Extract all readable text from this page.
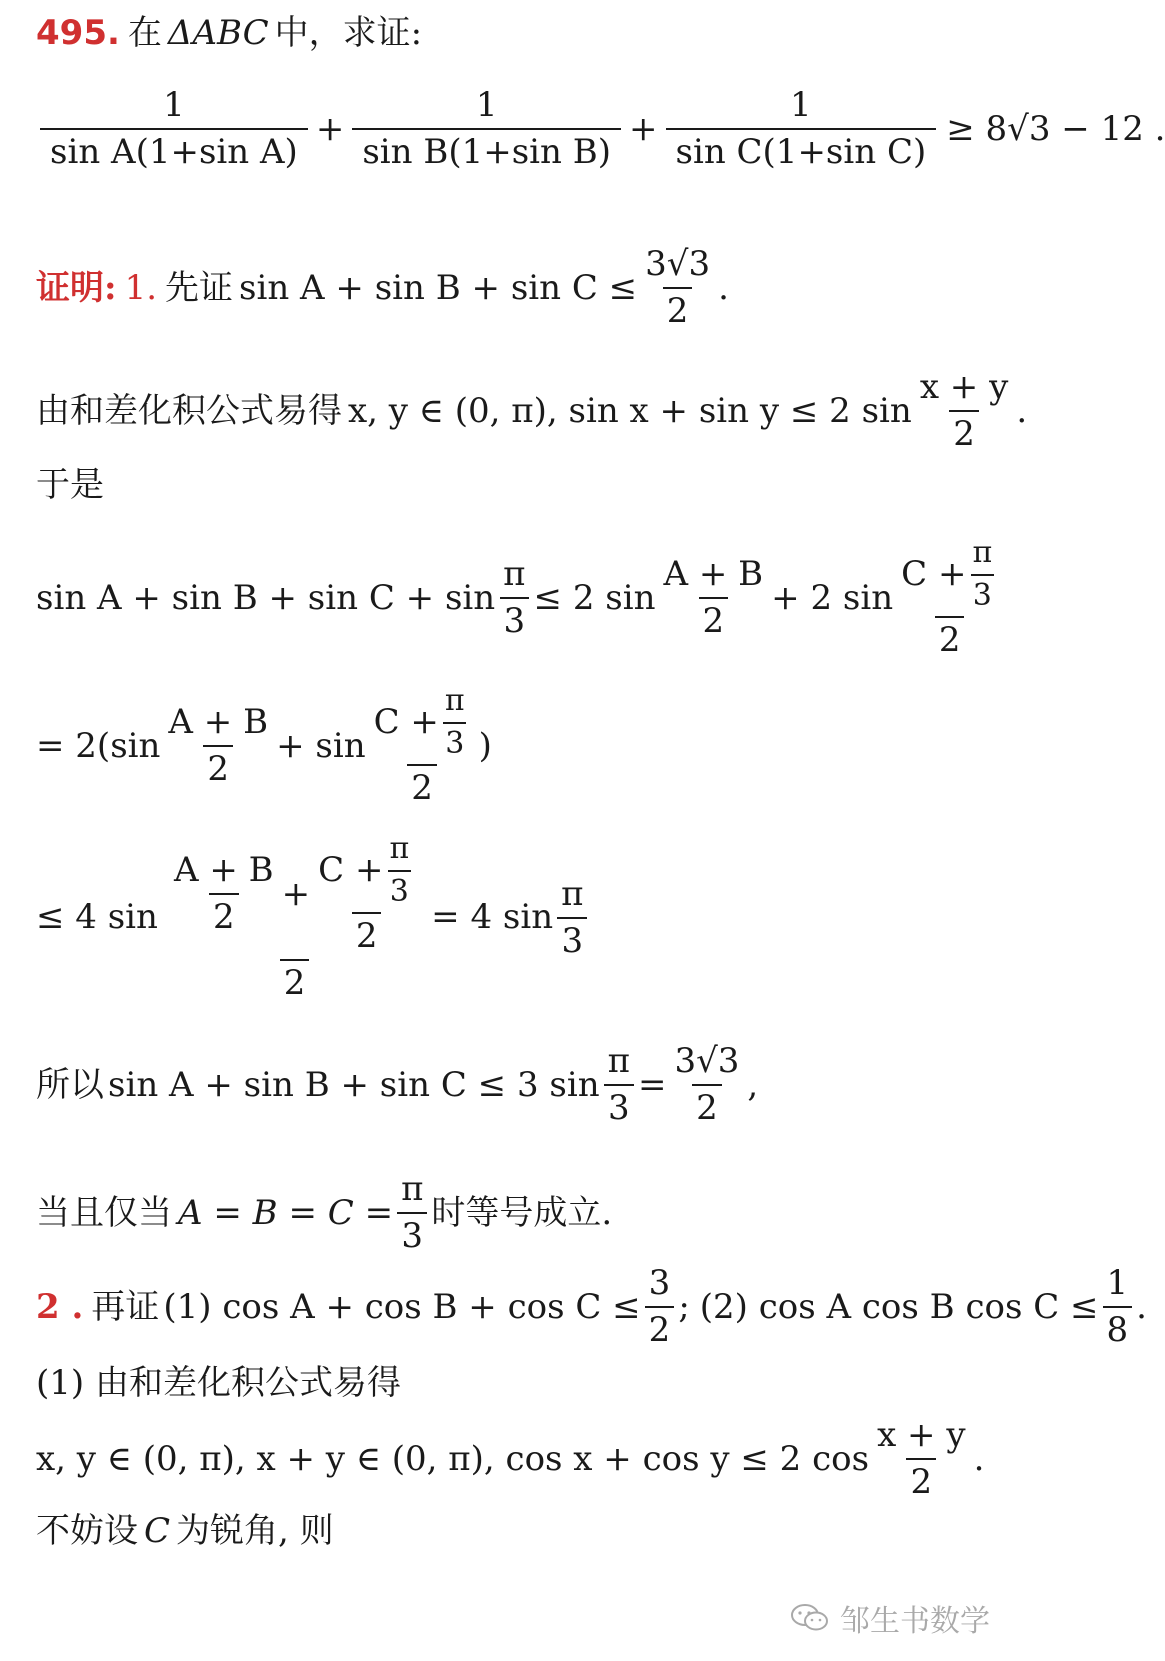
495. 在 ΔABC 中，求证:
$\frac{1}{\text{sin A(1+sin A)}} + \frac{1}{\text{sin B(1+sin B)}} + \frac{1}{\text{sin C(1+sin C)}} \ge 8√3 - 12$ .
证明: 1. 先证 $\sin A + \sin B + \sin C \le \frac{3√3}{2}$ .
由和差化积公式易得 x, y ∈ (0, π), sin x + sin y ≤ 2 $\sin \frac{x + y}{2}$ .
于是
$\sin A + \sin B + \sin C + \sin \frac{\pi}{3} \le 2$ $\sin \frac{A + B}{2} + 2$ $\sin \frac{C + \frac{\pi}{3}}{2}$
= $2(\sin \frac{A + B}{2} + \sin \frac{C + \frac{\pi}{3}}{2}$ )
≤ 4 $\sin \frac{A + B}{2} + \frac{C + \frac{\pi}{3}}{2}$
2
= 4 $\sin \frac{\pi}{3}$
所以 sin A + sin B + sin C ≤ 3 $\sin \frac{\pi}{3} = \frac{3√3}{2}$ ,
当且仅当 $A = B = C = \frac{\pi}{3}$ 时等号成立.
2 . 再证 (1) $\cos A + \cos B + \cos C \le \frac{3}{2}$ ; (2) cos A cos B $\cos C \le \frac{1}{8}$ .
(1) 由和差化积公式易得
x, y ∈ (0, π), x + y ∈ (0, π), cos x + cos y ≤ 2 $\cos \frac{x + y}{2}$ .
不妨设 C 为锐角, 则
邹生书数学
